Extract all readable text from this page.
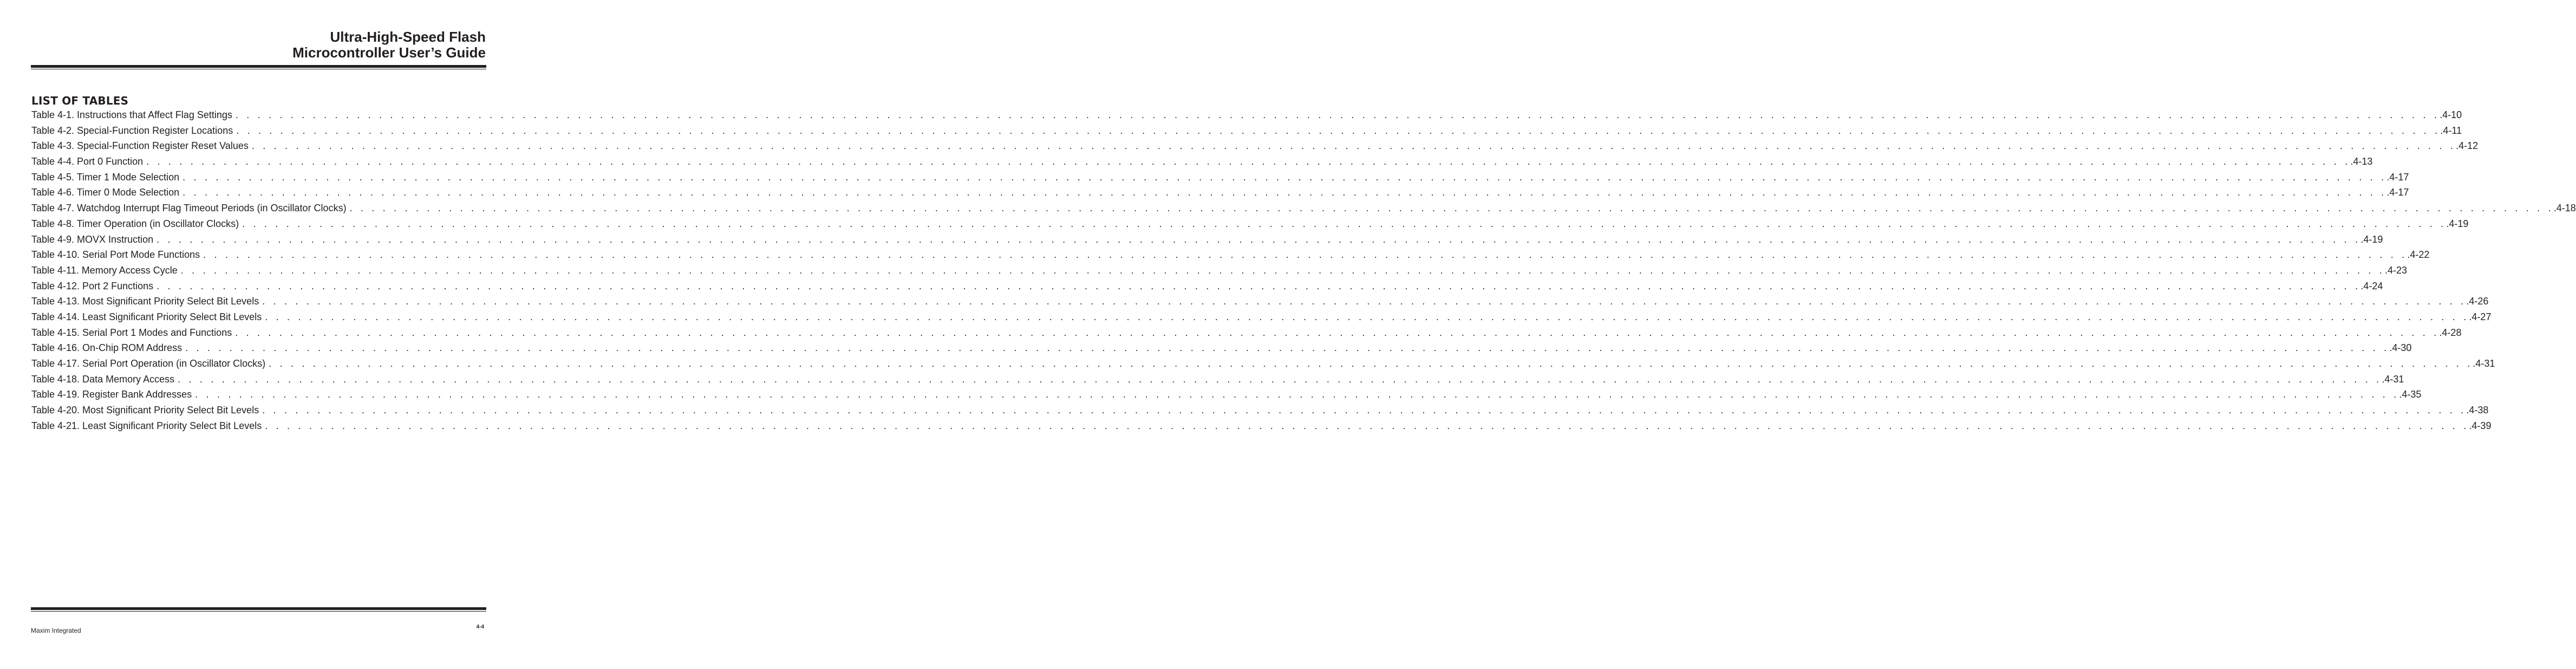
Ultra-High-Speed Flash
Microcontroller User’s Guide
LIST OF TABLES
Table 4-1. Instructions that Affect Flag Settings . . . . . . . . . . . . . . . . . . . . . . . . . . . . . . . . . . . . . . . . . . . . . . . . . . . . . . . . . . . . . . . . . . . . . . . . . . . . . . . . . . . . . . . . . . . . . . . . . . . . . . . . . . . . . . . . . . . . . . . . . . . . . . . . . . . . . . . . . . . . . . . . . . . . . . . . . . . . . . . . . . . . . . . . . . . . . . . . . . . . . . . . . . . . . . . . . . . . . . . . .4-10
Table 4-2. Special-Function Register Locations . . . . . . . . . . . . . . . . . . . . . . . . . . . . . . . . . . . . . . . . . . . . . . . . . . . . . . . . . . . . . . . . . . . . . . . . . . . . . . . . . . . . . . . . . . . . . . . . . . . . . . . . . . . . . . . . . . . . . . . . . . . . . . . . . . . . . . . . . . . . . . . . . . . . . . . . . . . . . . . . . . . . . . . . . . . . . . . . . . . . . . . . . . . . . . . . . . . . . . . . .4-11
Table 4-3. Special-Function Register Reset Values . . . . . . . . . . . . . . . . . . . . . . . . . . . . . . . . . . . . . . . . . . . . . . . . . . . . . . . . . . . . . . . . . . . . . . . . . . . . . . . . . . . . . . . . . . . . . . . . . . . . . . . . . . . . . . . . . . . . . . . . . . . . . . . . . . . . . . . . . . . . . . . . . . . . . . . . . . . . . . . . . . . . . . . . . . . . . . . . . . . . . . . . . . . . . . . . . . . . . . . . .4-12
Table 4-4. Port 0 Function . . . . . . . . . . . . . . . . . . . . . . . . . . . . . . . . . . . . . . . . . . . . . . . . . . . . . . . . . . . . . . . . . . . . . . . . . . . . . . . . . . . . . . . . . . . . . . . . . . . . . . . . . . . . . . . . . . . . . . . . . . . . . . . . . . . . . . . . . . . . . . . . . . . . . . . . . . . . . . . . . . . . . . . . . . . . . . . . . . . . . . . . . . . . . . . . . . . . . . . . .4-13
Table 4-5. Timer 1 Mode Selection . . . . . . . . . . . . . . . . . . . . . . . . . . . . . . . . . . . . . . . . . . . . . . . . . . . . . . . . . . . . . . . . . . . . . . . . . . . . . . . . . . . . . . . . . . . . . . . . . . . . . . . . . . . . . . . . . . . . . . . . . . . . . . . . . . . . . . . . . . . . . . . . . . . . . . . . . . . . . . . . . . . . . . . . . . . . . . . . . . . . . . . . . . . . . . . . . . . . . . . . .4-17
Table 4-6. Timer 0 Mode Selection . . . . . . . . . . . . . . . . . . . . . . . . . . . . . . . . . . . . . . . . . . . . . . . . . . . . . . . . . . . . . . . . . . . . . . . . . . . . . . . . . . . . . . . . . . . . . . . . . . . . . . . . . . . . . . . . . . . . . . . . . . . . . . . . . . . . . . . . . . . . . . . . . . . . . . . . . . . . . . . . . . . . . . . . . . . . . . . . . . . . . . . . . . . . . . . . . . . . . . . . .4-17
Table 4-7. Watchdog Interrupt Flag Timeout Periods (in Oscillator Clocks) . . . . . . . . . . . . . . . . . . . . . . . . . . . . . . . . . . . . . . . . . . . . . . . . . . . . . . . . . . . . . . . . . . . . . . . . . . . . . . . . . . . . . . . . . . . . . . . . . . . . . . . . . . . . . . . . . . . . . . . . . . . . . . . . . . . . . . . . . . . . . . . . . . . . . . . . . . . . . . . . . . . . . . . . . . . . . . . . . . . . . . . . . . . . . . . . . . . . . . . . .4-18
Table 4-8. Timer Operation (in Oscillator Clocks) . . . . . . . . . . . . . . . . . . . . . . . . . . . . . . . . . . . . . . . . . . . . . . . . . . . . . . . . . . . . . . . . . . . . . . . . . . . . . . . . . . . . . . . . . . . . . . . . . . . . . . . . . . . . . . . . . . . . . . . . . . . . . . . . . . . . . . . . . . . . . . . . . . . . . . . . . . . . . . . . . . . . . . . . . . . . . . . . . . . . . . . . . . . . . . . . . . . . . . . . .4-19
Table 4-9. MOVX Instruction . . . . . . . . . . . . . . . . . . . . . . . . . . . . . . . . . . . . . . . . . . . . . . . . . . . . . . . . . . . . . . . . . . . . . . . . . . . . . . . . . . . . . . . . . . . . . . . . . . . . . . . . . . . . . . . . . . . . . . . . . . . . . . . . . . . . . . . . . . . . . . . . . . . . . . . . . . . . . . . . . . . . . . . . . . . . . . . . . . . . . . . . . . . . . . . . . . . . . . . . .4-19
Table 4-10. Serial Port Mode Functions . . . . . . . . . . . . . . . . . . . . . . . . . . . . . . . . . . . . . . . . . . . . . . . . . . . . . . . . . . . . . . . . . . . . . . . . . . . . . . . . . . . . . . . . . . . . . . . . . . . . . . . . . . . . . . . . . . . . . . . . . . . . . . . . . . . . . . . . . . . . . . . . . . . . . . . . . . . . . . . . . . . . . . . . . . . . . . . . . . . . . . . . . . . . . . . . . . . . . . . . .4-22
Table 4-11. Memory Access Cycle . . . . . . . . . . . . . . . . . . . . . . . . . . . . . . . . . . . . . . . . . . . . . . . . . . . . . . . . . . . . . . . . . . . . . . . . . . . . . . . . . . . . . . . . . . . . . . . . . . . . . . . . . . . . . . . . . . . . . . . . . . . . . . . . . . . . . . . . . . . . . . . . . . . . . . . . . . . . . . . . . . . . . . . . . . . . . . . . . . . . . . . . . . . . . . . . . . . . . . . . .4-23
Table 4-12. Port 2 Functions . . . . . . . . . . . . . . . . . . . . . . . . . . . . . . . . . . . . . . . . . . . . . . . . . . . . . . . . . . . . . . . . . . . . . . . . . . . . . . . . . . . . . . . . . . . . . . . . . . . . . . . . . . . . . . . . . . . . . . . . . . . . . . . . . . . . . . . . . . . . . . . . . . . . . . . . . . . . . . . . . . . . . . . . . . . . . . . . . . . . . . . . . . . . . . . . . . . . . . . . .4-24
Table 4-13. Most Significant Priority Select Bit Levels . . . . . . . . . . . . . . . . . . . . . . . . . . . . . . . . . . . . . . . . . . . . . . . . . . . . . . . . . . . . . . . . . . . . . . . . . . . . . . . . . . . . . . . . . . . . . . . . . . . . . . . . . . . . . . . . . . . . . . . . . . . . . . . . . . . . . . . . . . . . . . . . . . . . . . . . . . . . . . . . . . . . . . . . . . . . . . . . . . . . . . . . . . . . . . . . . . . . . . . . .4-26
Table 4-14. Least Significant Priority Select Bit Levels . . . . . . . . . . . . . . . . . . . . . . . . . . . . . . . . . . . . . . . . . . . . . . . . . . . . . . . . . . . . . . . . . . . . . . . . . . . . . . . . . . . . . . . . . . . . . . . . . . . . . . . . . . . . . . . . . . . . . . . . . . . . . . . . . . . . . . . . . . . . . . . . . . . . . . . . . . . . . . . . . . . . . . . . . . . . . . . . . . . . . . . . . . . . . . . . . . . . . . . . .4-27
Table 4-15. Serial Port 1 Modes and Functions . . . . . . . . . . . . . . . . . . . . . . . . . . . . . . . . . . . . . . . . . . . . . . . . . . . . . . . . . . . . . . . . . . . . . . . . . . . . . . . . . . . . . . . . . . . . . . . . . . . . . . . . . . . . . . . . . . . . . . . . . . . . . . . . . . . . . . . . . . . . . . . . . . . . . . . . . . . . . . . . . . . . . . . . . . . . . . . . . . . . . . . . . . . . . . . . . . . . . . . . .4-28
Table 4-16. On-Chip ROM Address . . . . . . . . . . . . . . . . . . . . . . . . . . . . . . . . . . . . . . . . . . . . . . . . . . . . . . . . . . . . . . . . . . . . . . . . . . . . . . . . . . . . . . . . . . . . . . . . . . . . . . . . . . . . . . . . . . . . . . . . . . . . . . . . . . . . . . . . . . . . . . . . . . . . . . . . . . . . . . . . . . . . . . . . . . . . . . . . . . . . . . . . . . . . . . . . . . . . . . . . .4-30
Table 4-17. Serial Port Operation (in Oscillator Clocks) . . . . . . . . . . . . . . . . . . . . . . . . . . . . . . . . . . . . . . . . . . . . . . . . . . . . . . . . . . . . . . . . . . . . . . . . . . . . . . . . . . . . . . . . . . . . . . . . . . . . . . . . . . . . . . . . . . . . . . . . . . . . . . . . . . . . . . . . . . . . . . . . . . . . . . . . . . . . . . . . . . . . . . . . . . . . . . . . . . . . . . . . . . . . . . . . . . . . . . . . .4-31
Table 4-18. Data Memory Access . . . . . . . . . . . . . . . . . . . . . . . . . . . . . . . . . . . . . . . . . . . . . . . . . . . . . . . . . . . . . . . . . . . . . . . . . . . . . . . . . . . . . . . . . . . . . . . . . . . . . . . . . . . . . . . . . . . . . . . . . . . . . . . . . . . . . . . . . . . . . . . . . . . . . . . . . . . . . . . . . . . . . . . . . . . . . . . . . . . . . . . . . . . . . . . . . . . . . . . . .4-31
Table 4-19. Register Bank Addresses . . . . . . . . . . . . . . . . . . . . . . . . . . . . . . . . . . . . . . . . . . . . . . . . . . . . . . . . . . . . . . . . . . . . . . . . . . . . . . . . . . . . . . . . . . . . . . . . . . . . . . . . . . . . . . . . . . . . . . . . . . . . . . . . . . . . . . . . . . . . . . . . . . . . . . . . . . . . . . . . . . . . . . . . . . . . . . . . . . . . . . . . . . . . . . . . . . . . . . . . .4-35
Table 4-20. Most Significant Priority Select Bit Levels . . . . . . . . . . . . . . . . . . . . . . . . . . . . . . . . . . . . . . . . . . . . . . . . . . . . . . . . . . . . . . . . . . . . . . . . . . . . . . . . . . . . . . . . . . . . . . . . . . . . . . . . . . . . . . . . . . . . . . . . . . . . . . . . . . . . . . . . . . . . . . . . . . . . . . . . . . . . . . . . . . . . . . . . . . . . . . . . . . . . . . . . . . . . . . . . . . . . . . . . .4-38
Table 4-21. Least Significant Priority Select Bit Levels . . . . . . . . . . . . . . . . . . . . . . . . . . . . . . . . . . . . . . . . . . . . . . . . . . . . . . . . . . . . . . . . . . . . . . . . . . . . . . . . . . . . . . . . . . . . . . . . . . . . . . . . . . . . . . . . . . . . . . . . . . . . . . . . . . . . . . . . . . . . . . . . . . . . . . . . . . . . . . . . . . . . . . . . . . . . . . . . . . . . . . . . . . . . . . . . . . . . . . . . .4-39
Maxim Integrated	4-4
